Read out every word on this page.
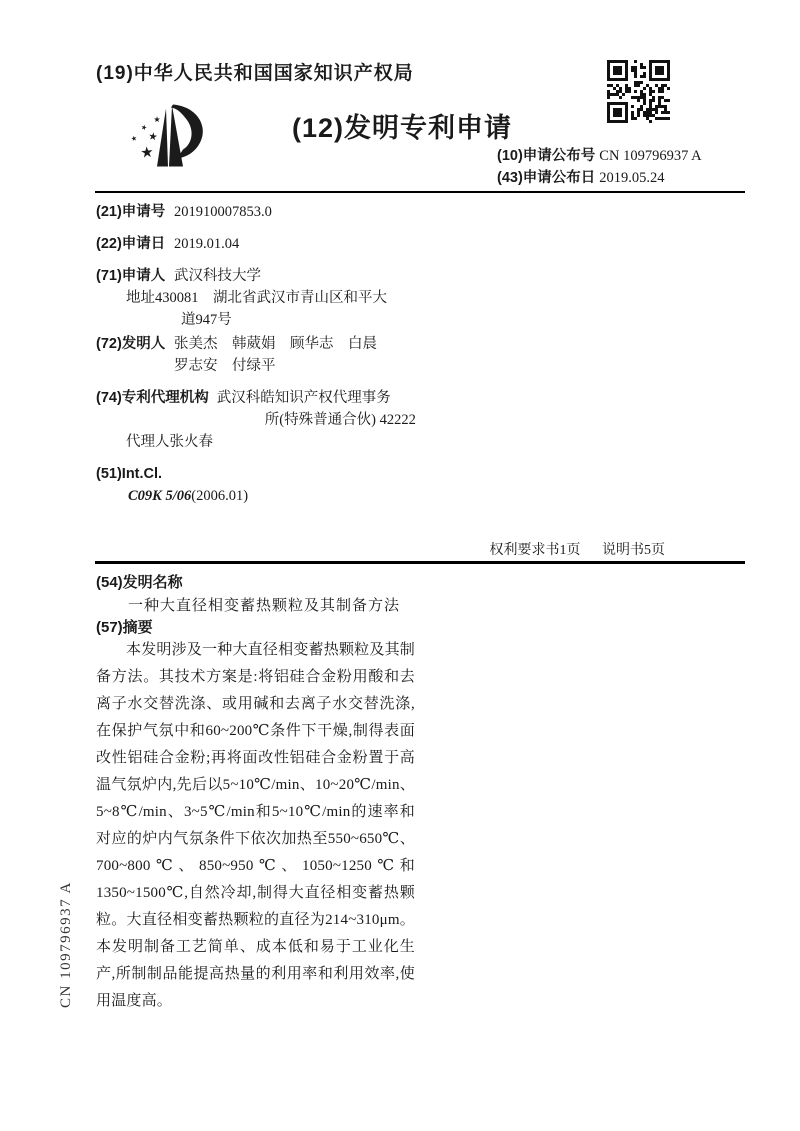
(19)中华人民共和国国家知识产权局
(12)发明专利申请
(10)申请公布号 CN 109796937 A
(43)申请公布日 2019.05.24
(21)申请号 201910007853.0
(22)申请日 2019.01.04
(71)申请人 武汉科技大学
地址 430081　湖北省武汉市青山区和平大
道947号
(72)发明人 张美杰　韩葳娟　顾华志　白晨
罗志安　付绿平
(74)专利代理机构 武汉科皓知识产权代理事务
所(特殊普通合伙) 42222
代理人 张火春
(51)Int.Cl.
C09K 5/06(2006.01)
权利要求书1页 说明书5页
(54)发明名称
一种大直径相变蓄热颗粒及其制备方法
(57)摘要
本发明涉及一种大直径相变蓄热颗粒及其制备方法。其技术方案是:将铝硅合金粉用酸和去离子水交替洗涤、或用碱和去离子水交替洗涤,在保护气氛中和60~200℃条件下干燥,制得表面改性铝硅合金粉;再将面改性铝硅合金粉置于高温气氛炉内,先后以5~10℃/min、10~20℃/min、5~8℃/min、3~5℃/min和5~10℃/min的速率和对应的炉内气氛条件下依次加热至550~650℃、700~800℃、850~950℃、1050~1250℃和1350~1500℃,自然冷却,制得大直径相变蓄热颗粒。大直径相变蓄热颗粒的直径为214~310μm。本发明制备工艺简单、成本低和易于工业化生产,所制制品能提高热量的利用率和利用效率,使用温度高。
CN 109796937 A
